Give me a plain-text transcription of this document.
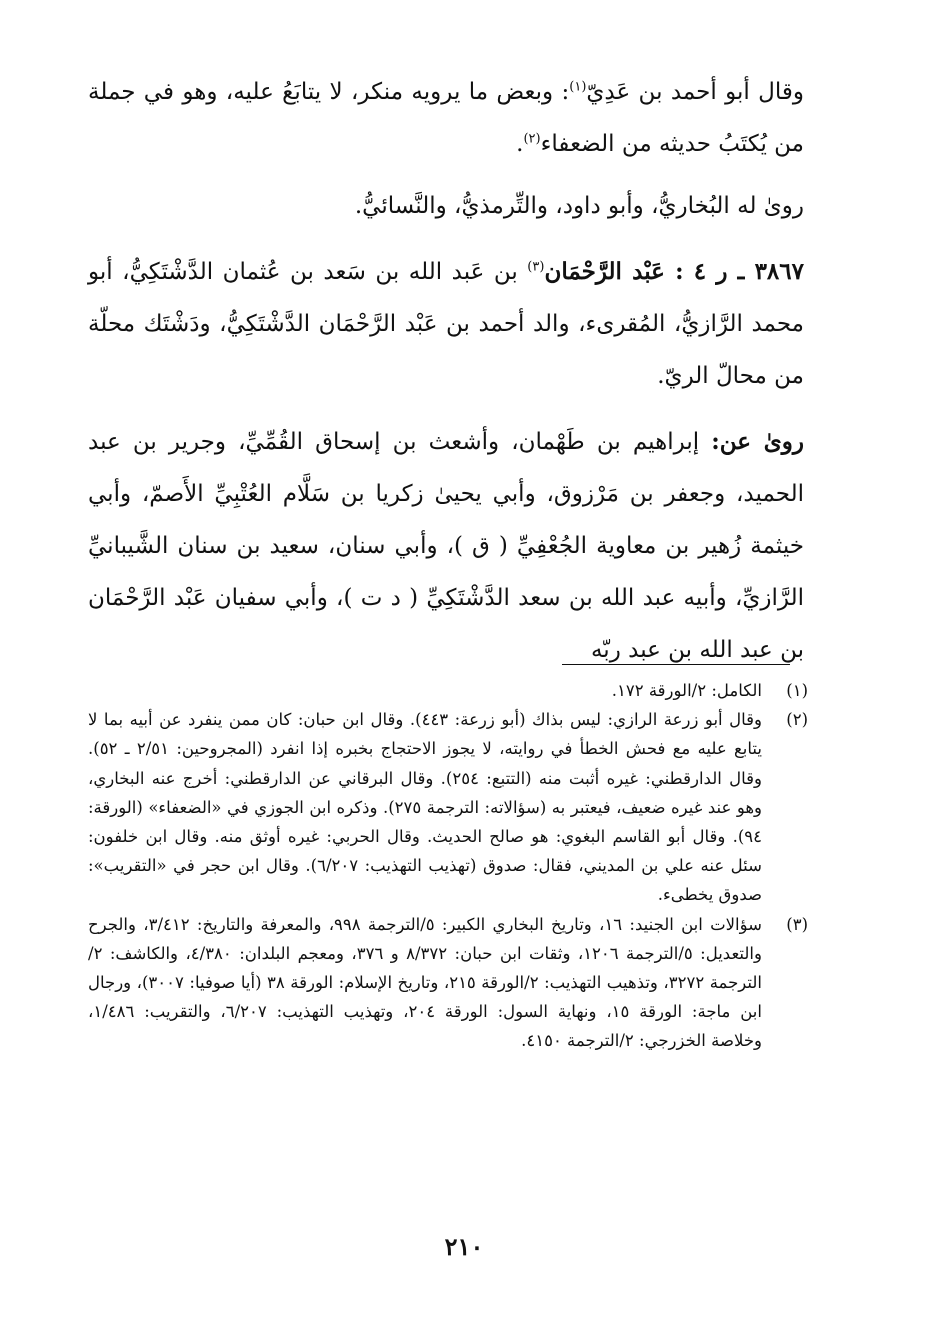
وقال أبو أحمد بن عَدِيّ$^{(١)}$: وبعض ما يرويه منكر، لا يتابَعُ عليه، وهو في جملة من يُكتَبُ حديثه من الضعفاء$^{(٢)}$.

روىٰ له البُخاريُّ، وأبو داود، والتِّرمذيُّ، والنَّسائيُّ.

٣٨٦٧ ـ ر ٤ : عَبْد الرَّحْمَان$^{(٣)}$ بن عَبد الله بن سَعد بن عُثمان الدَّشْتَكِيُّ، أبو محمد الرَّازيُّ، المُقرىء، والد أحمد بن عَبْد الرَّحْمَان الدَّشْتَكِيُّ، ودَشْتَك محلّة من محالّ الريّ.

روىٰ عن: إبراهيم بن طَهْمان، وأشعث بن إسحاق القُمِّيِّ، وجرير بن عبد الحميد، وجعفر بن مَرْزوق، وأبي يحيىٰ زكريا بن سَلَّام العُتْبِيِّ الأَصمّ، وأبي خيثمة زُهير بن معاوية الجُعْفِيِّ ( ق )، وأبي سنان، سعيد بن سنان الشَّيبانيِّ الرَّازيِّ، وأبيه عبد الله بن سعد الدَّشْتَكِيِّ ( د ت )، وأبي سفيان عَبْد الرَّحْمَان بن عبد الله بن عبد ربّه

(١)
الكامل: ٢/الورقة ١٧٢.
(٢)
وقال أبو زرعة الرازي: ليس بذاك (أبو زرعة: ٤٤٣). وقال ابن حبان: كان ممن ينفرد عن أبيه بما لا يتابع عليه مع فحش الخطأ في روايته، لا يجوز الاحتجاج بخبره إذا انفرد (المجروحين: ٢/٥١ ـ ٥٢). وقال الدارقطني: غيره أثبت منه (التتبع: ٢٥٤). وقال البرقاني عن الدارقطني: أخرج عنه البخاري، وهو عند غيره ضعيف، فيعتبر به (سؤالاته: الترجمة ٢٧٥). وذكره ابن الجوزي في «الضعفاء» (الورقة: ٩٤). وقال أبو القاسم البغوي: هو صالح الحديث. وقال الحربي: غيره أوثق منه. وقال ابن خلفون: سئل عنه علي بن المديني، فقال: صدوق (تهذيب التهذيب: ٦/٢٠٧). وقال ابن حجر في «التقريب»: صدوق يخطىء.
(٣)
سؤالات ابن الجنيد: ١٦، وتاريخ البخاري الكبير: ٥/الترجمة ٩٩٨، والمعرفة والتاريخ: ٣/٤١٢، والجرح والتعديل: ٥/الترجمة ١٢٠٦، وثقات ابن حبان: ٨/٣٧٢ و ٣٧٦، ومعجم البلدان: ٤/٣٨٠، والكاشف: ٢/الترجمة ٣٢٧٢، وتذهيب التهذيب: ٢/الورقة ٢١٥، وتاريخ الإسلام: الورقة ٣٨ (أيا صوفيا: ٣٠٠٧)، ورجال ابن ماجة: الورقة ١٥، ونهاية السول: الورقة ٢٠٤، وتهذيب التهذيب: ٦/٢٠٧، والتقريب: ١/٤٨٦، وخلاصة الخزرجي: ٢/الترجمة ٤١٥٠.
٢١٠
